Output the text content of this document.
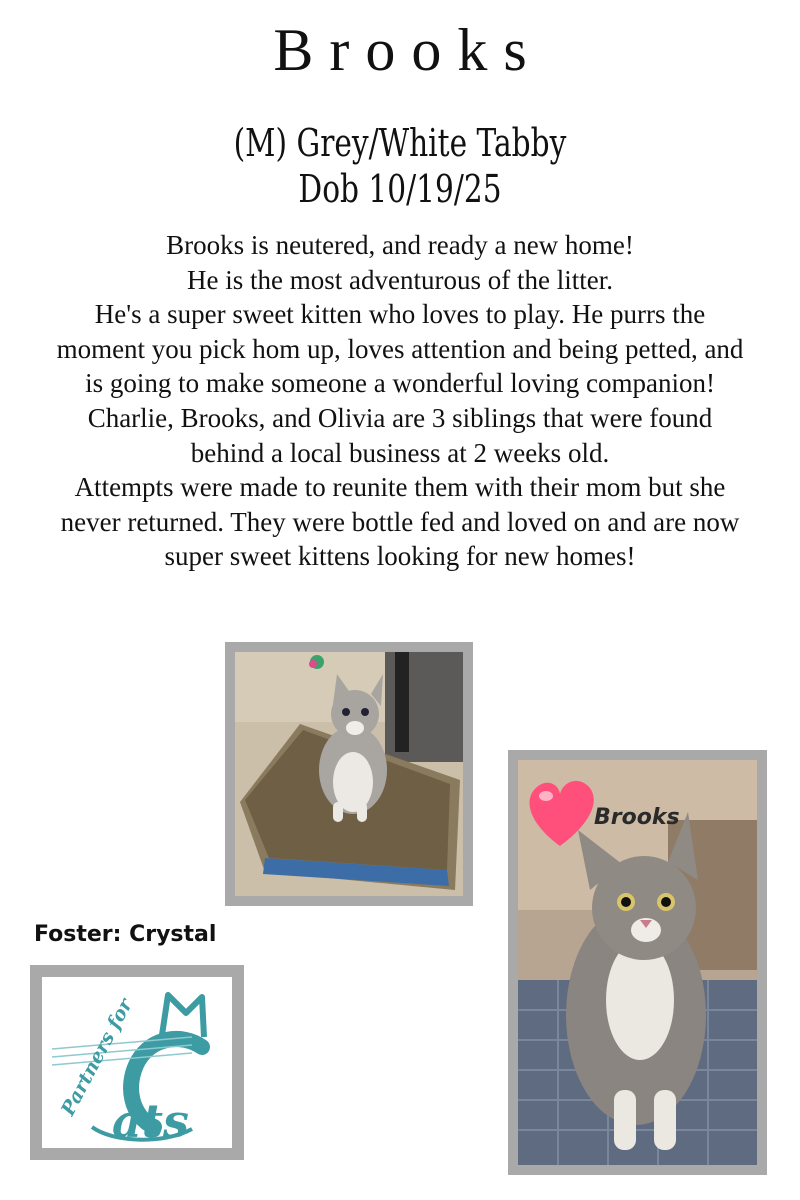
Brooks
(M) Grey/White Tabby
Dob 10/19/25

Brooks is neutered, and ready a new home!

He is the most adventurous of the litter.

He's a super sweet kitten who loves to play. He purrs the

moment you pick hom up, loves attention and being petted, and

is going to make someone a wonderful loving companion!

Charlie, Brooks, and Olivia are 3 siblings that were found

behind a local business at 2 weeks old.

Attempts were made to reunite them with their mom but she

never returned. They were bottle fed and loved on and are now

super sweet kittens looking for new homes!

Brooks
Foster: Crystal
Partners for
ats
